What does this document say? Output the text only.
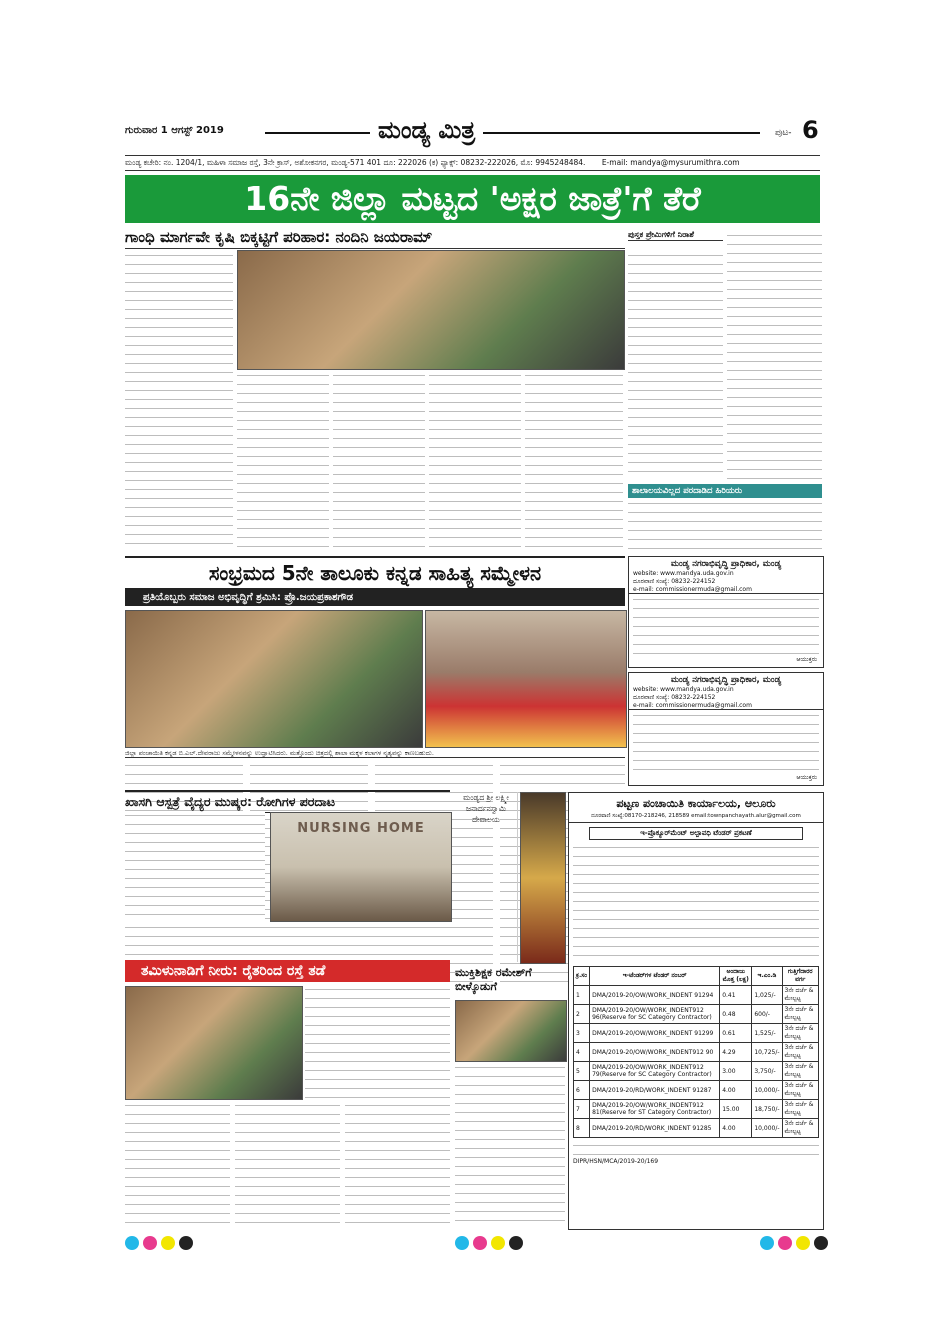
ಗುರುವಾರ 1 ಆಗಸ್ಟ್ 2019	ಮಂಡ್ಯ ಮಿತ್ರ	ಪುಟ- 6
ಮಂಡ್ಯ ಕಚೇರಿ: ನಂ. 1204/1, ಮಹಿಳಾ ಸಮಾಜ ರಸ್ತೆ, 3ನೇ ಕ್ರಾಸ್, ಅಶೋಕನಗರ, ಮಂಡ್ಯ-571 401 ದೂ: 222026 (ಕ) ಫ್ಯಾಕ್ಸ್: 08232-222026, ಮೊ: 9945248484. E-mail: mandya@mysurumithra.com
16ನೇ ಜಿಲ್ಲಾ ಮಟ್ಟದ 'ಅಕ್ಷರ ಜಾತ್ರೆ'ಗೆ ತೆರೆ
ಗಾಂಧಿ ಮಾರ್ಗವೇ ಕೃಷಿ ಬಿಕ್ಕಟ್ಟಿಗೆ ಪರಿಹಾರ: ನಂದಿನಿ ಜಯರಾಮ್	ಪುಸ್ತಕ ಪ್ರೇಮಿಗಳಿಗೆ ನಿರಾಶೆ
ಶಾಲಾಲಯವಿಲ್ಲದ ಪರದಾಡಿದ ಹಿರಿಯರು
ಸಂಭ್ರಮದ 5ನೇ ತಾಲೂಕು ಕನ್ನಡ ಸಾಹಿತ್ಯ ಸಮ್ಮೇಳನ
ಪ್ರತಿಯೊಬ್ಬರು ಸಮಾಜ ಅಭಿವೃದ್ಧಿಗೆ ಶ್ರಮಿಸಿ: ಪ್ರೊ.ಜಯಪ್ರಕಾಶಗೌಡ
ಜಿಲ್ಲಾ ಪಂಚಾಯಿತಿ ಕನ್ನಡ ಬಿ.ಎಲ್.ದೇವರಾಜು ಸಮ್ಮೇಳನವನ್ನು ಉದ್ಘಾಟಿಸಿದರು. ಮತ್ತೊಂದು ಚಿತ್ರದಲ್ಲಿ ಶಾಲಾ ಮಕ್ಕಳ ಕಲಾಗಳ ನೃತ್ಯವನ್ನು ಕಾಣಬಹುದು.
ಮಂಡ್ಯ ನಗರಾಭಿವೃದ್ಧಿ ಪ್ರಾಧಿಕಾರ, ಮಂಡ್ಯ
website: www.mandya.uda.gov.in
ದೂರವಾಣಿ ಸಂಖ್ಯೆ: 08232-224152
e-mail: commissionermuda@gmail.com
ಆಯುಕ್ತರು
ಮಂಡ್ಯ ನಗರಾಭಿವೃದ್ಧಿ ಪ್ರಾಧಿಕಾರ, ಮಂಡ್ಯ
website: www.mandya.uda.gov.in
ದೂರವಾಣಿ ಸಂಖ್ಯೆ: 08232-224152
e-mail: commissionermuda@gmail.com
ಆಯುಕ್ತರು
ಖಾಸಗಿ ಆಸ್ಪತ್ರೆ ವೈದ್ಯರ ಮುಷ್ಕರ: ರೋಗಿಗಳ ಪರದಾಟ
NURSING HOME
ಮಂಡ್ಯದ ಶ್ರೀ ಲಕ್ಷ್ಮೀ ಜನಾರ್ದನಸ್ವಾಮಿ ದೇವಾಲಯ
ಮುಕ್ತಿಶಿಕ್ಷಕ ರಮೇಶ್‌ಗೆ ಬೀಳ್ಕೊಡುಗೆ
ತಮಿಳುನಾಡಿಗೆ ನೀರು: ರೈತರಿಂದ ರಸ್ತೆ ತಡೆ
ಪಟ್ಟಣ ಪಂಚಾಯಿತಿ ಕಾರ್ಯಾಲಯ, ಆಲೂರು
ದೂರವಾಣಿ ಸಂಖ್ಯೆ:08170-218246, 218589 email:townpanchayath.alur@gmail.com
ಇ-ಪ್ರೊಕ್ಯೂರ್‌ಮೆಂಟ್ ಅಲ್ಪಾವಧಿ ಟೆಂಡರ್ ಪ್ರಕಟಣೆ
ಕ್ರ.ಸಂ	ಇ-ಟೆಂಡರ್‌ಗಳ ಟೆಂಡರ್ ನಂಬರ್	ಅಂದಾಜು ಮೊತ್ತ (ಲಕ್ಷ)	ಇ.ಎಂ.ಡಿ	ಗುತ್ತಿಗೆದಾರರ ವರ್ಗ
1	DMA/2019-20/OW/WORK_INDENT 91294	0.41	1,025/-	3ನೇ ದರ್ಜೆ & ಮೇಲ್ಪಟ್ಟ
2	DMA/2019-20/OW/WORK_INDENT912 96(Reserve for SC Category Contractor)	0.48	600/-	3ನೇ ದರ್ಜೆ & ಮೇಲ್ಪಟ್ಟ
3	DMA/2019-20/OW/WORK_INDENT 91299	0.61	1,525/-	3ನೇ ದರ್ಜೆ & ಮೇಲ್ಪಟ್ಟ
4	DMA/2019-20/OW/WORK_INDENT912 90	4.29	10,725/-	3ನೇ ದರ್ಜೆ & ಮೇಲ್ಪಟ್ಟ
5	DMA/2019-20/OW/WORK_INDENT912 79(Reserve for SC Category Contractor)	3.00	3,750/-	3ನೇ ದರ್ಜೆ & ಮೇಲ್ಪಟ್ಟ
6	DMA/2019-20/RD/WORK_INDENT 91287	4.00	10,000/-	3ನೇ ದರ್ಜೆ & ಮೇಲ್ಪಟ್ಟ
7	DMA/2019-20/OW/WORK_INDENT912 81(Reserve for ST Category Contractor)	15.00	18,750/-	3ನೇ ದರ್ಜೆ & ಮೇಲ್ಪಟ್ಟ
8	DMA/2019-20/RD/WORK_INDENT 91285	4.00	10,000/-	3ನೇ ದರ್ಜೆ & ಮೇಲ್ಪಟ್ಟ
DIPR/HSN/MCA/2019-20/169
